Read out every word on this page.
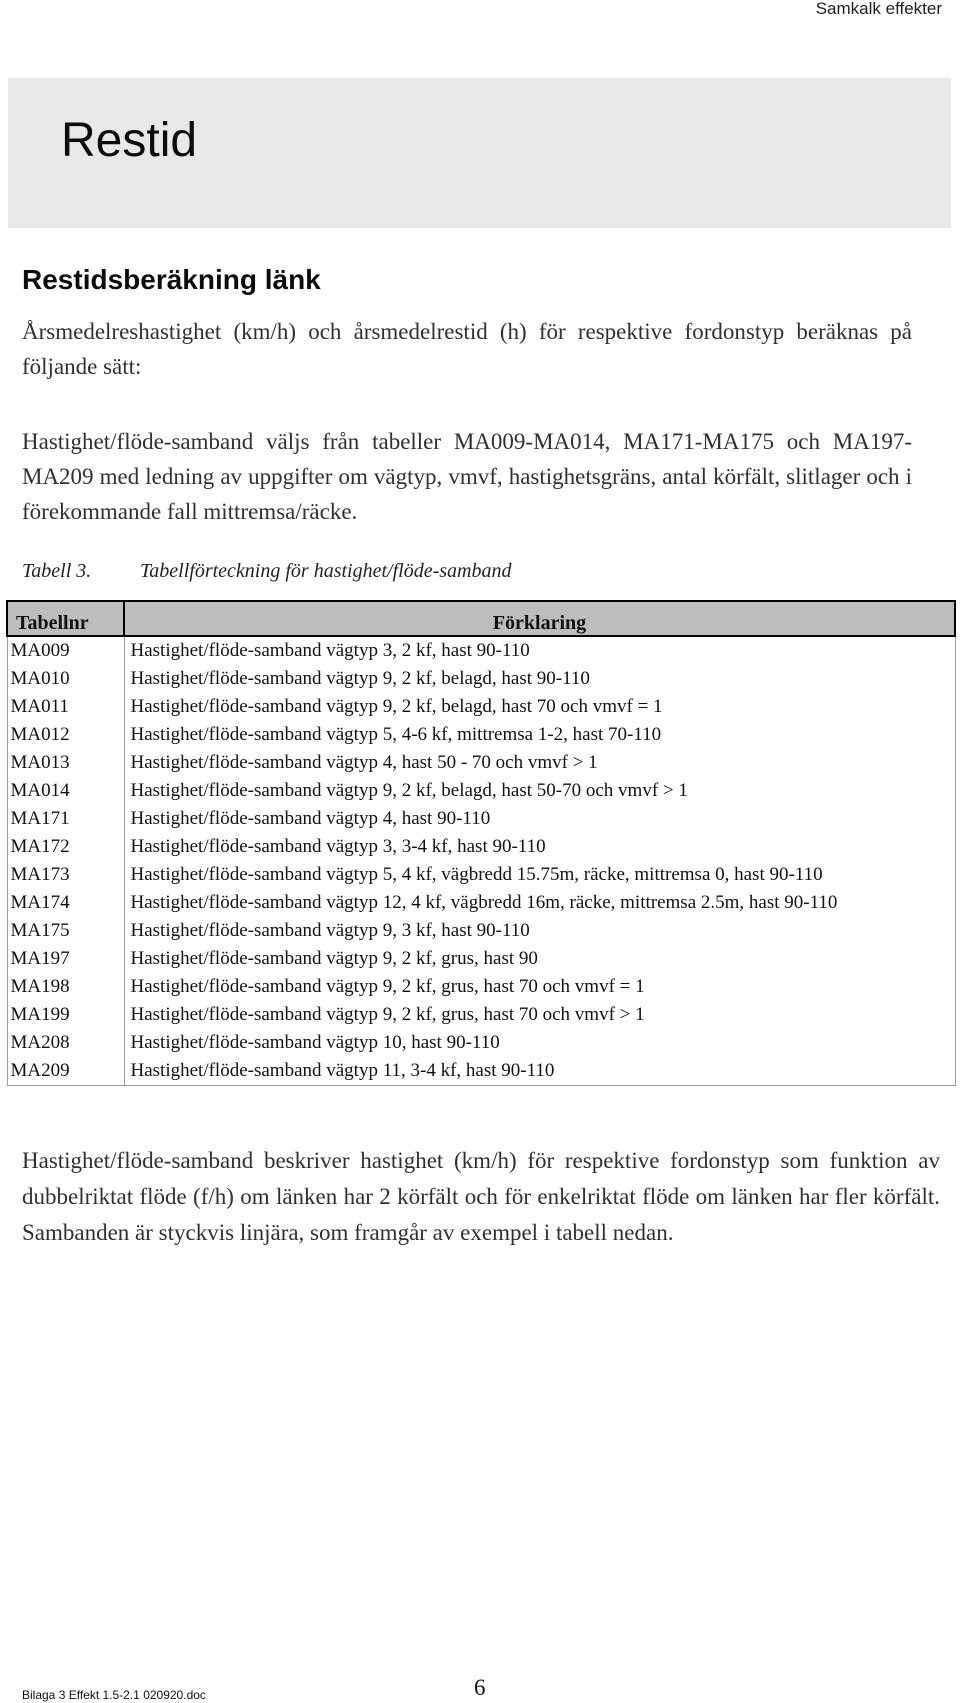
Samkalk effekter
Restid
Restidsberäkning länk

Årsmedelreshastighet (km/h) och årsmedelrestid (h) för respektive fordonstyp beräknas på följande sätt:

Hastighet/flöde-samband väljs från tabeller MA009-MA014, MA171-MA175 och MA197-MA209 med ledning av uppgifter om vägtyp, vmvf, hastighetsgräns, antal körfält, slitlager och i förekommande fall mittremsa/räcke.

Tabell 3. Tabellförteckning för hastighet/flöde-samband
Tabellnr	Förklaring
MA009	Hastighet/flöde-samband vägtyp 3, 2 kf, hast 90-110
MA010	Hastighet/flöde-samband vägtyp 9, 2 kf, belagd, hast 90-110
MA011	Hastighet/flöde-samband vägtyp 9, 2 kf, belagd, hast 70 och vmvf = 1
MA012	Hastighet/flöde-samband vägtyp 5, 4-6 kf, mittremsa 1-2, hast 70-110
MA013	Hastighet/flöde-samband vägtyp 4, hast 50 - 70 och vmvf > 1
MA014	Hastighet/flöde-samband vägtyp 9, 2 kf, belagd, hast 50-70 och vmvf > 1
MA171	Hastighet/flöde-samband vägtyp 4, hast 90-110
MA172	Hastighet/flöde-samband vägtyp 3, 3-4 kf, hast 90-110
MA173	Hastighet/flöde-samband vägtyp 5, 4 kf, vägbredd 15.75m, räcke, mittremsa 0, hast 90-110
MA174	Hastighet/flöde-samband vägtyp 12, 4 kf, vägbredd 16m, räcke, mittremsa 2.5m, hast 90-110
MA175	Hastighet/flöde-samband vägtyp 9, 3 kf, hast 90-110
MA197	Hastighet/flöde-samband vägtyp 9, 2 kf, grus, hast 90
MA198	Hastighet/flöde-samband vägtyp 9, 2 kf, grus, hast 70 och vmvf = 1
MA199	Hastighet/flöde-samband vägtyp 9, 2 kf, grus, hast 70 och vmvf > 1
MA208	Hastighet/flöde-samband vägtyp 10, hast 90-110
MA209	Hastighet/flöde-samband vägtyp 11, 3-4 kf, hast 90-110

Hastighet/flöde-samband beskriver hastighet (km/h) för respektive fordonstyp som funktion av dubbelriktat flöde (f/h) om länken har 2 körfält och för enkelriktat flöde om länken har fler körfält. Sambanden är styckvis linjära, som framgår av exempel i tabell nedan.

Bilaga 3 Effekt 1.5-2.1 020920.doc	6
